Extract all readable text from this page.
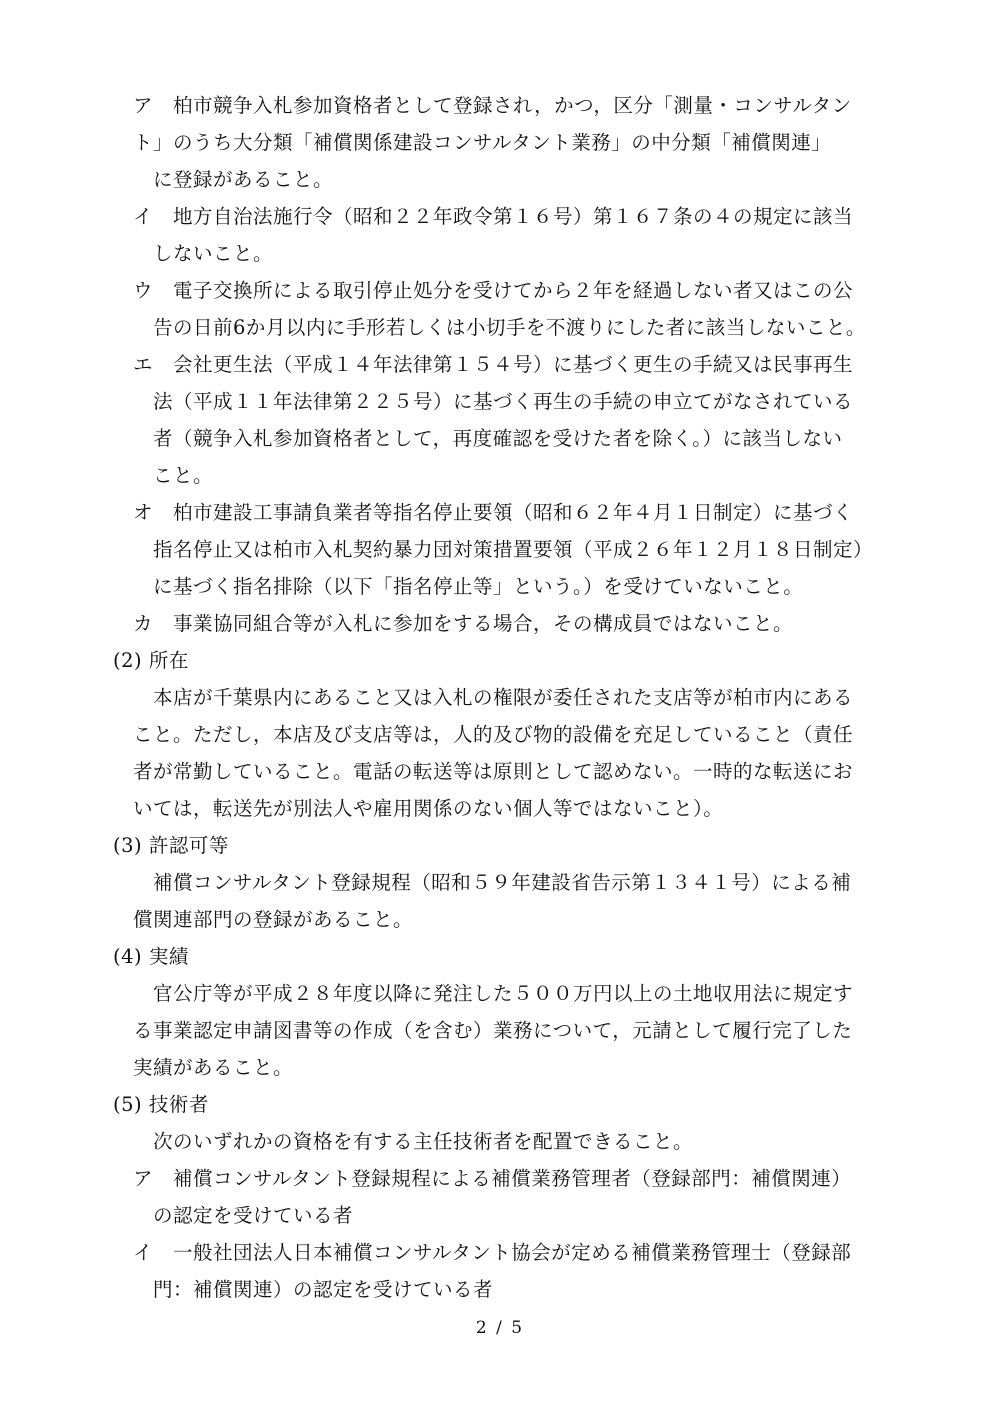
ア　柏市競争入札参加資格者として登録され，かつ，区分「測量・コンサルタン
ト」のうち大分類「補償関係建設コンサルタント業務」の中分類「補償関連」
に登録があること。
イ　地方自治法施行令（昭和２２年政令第１６号）第１６７条の４の規定に該当
しないこと。
ウ　電子交換所による取引停止処分を受けてから２年を経過しない者又はこの公
告の日前6か月以内に手形若しくは小切手を不渡りにした者に該当しないこと。
エ　会社更生法（平成１４年法律第１５４号）に基づく更生の手続又は民事再生
法（平成１１年法律第２２５号）に基づく再生の手続の申立てがなされている
者（競争入札参加資格者として，再度確認を受けた者を除く。）に該当しない
こと。
オ　柏市建設工事請負業者等指名停止要領（昭和６２年４月１日制定）に基づく
指名停止又は柏市入札契約暴力団対策措置要領（平成２６年１２月１８日制定）
に基づく指名排除（以下「指名停止等」という。）を受けていないこと。
カ　事業協同組合等が入札に参加をする場合，その構成員ではないこと。
(2) 所在
本店が千葉県内にあること又は入札の権限が委任された支店等が柏市内にある
こと。ただし，本店及び支店等は，人的及び物的設備を充足していること（責任
者が常勤していること。電話の転送等は原則として認めない。一時的な転送にお
いては，転送先が別法人や雇用関係のない個人等ではないこと）。
(3) 許認可等
補償コンサルタント登録規程（昭和５９年建設省告示第１３４１号）による補
償関連部門の登録があること。
(4) 実績
官公庁等が平成２８年度以降に発注した５００万円以上の土地収用法に規定す
る事業認定申請図書等の作成（を含む）業務について，元請として履行完了した
実績があること。
(5) 技術者
次のいずれかの資格を有する主任技術者を配置できること。
ア　補償コンサルタント登録規程による補償業務管理者（登録部門：補償関連）
の認定を受けている者
イ　一般社団法人日本補償コンサルタント協会が定める補償業務管理士（登録部
門：補償関連）の認定を受けている者
2 / 5
